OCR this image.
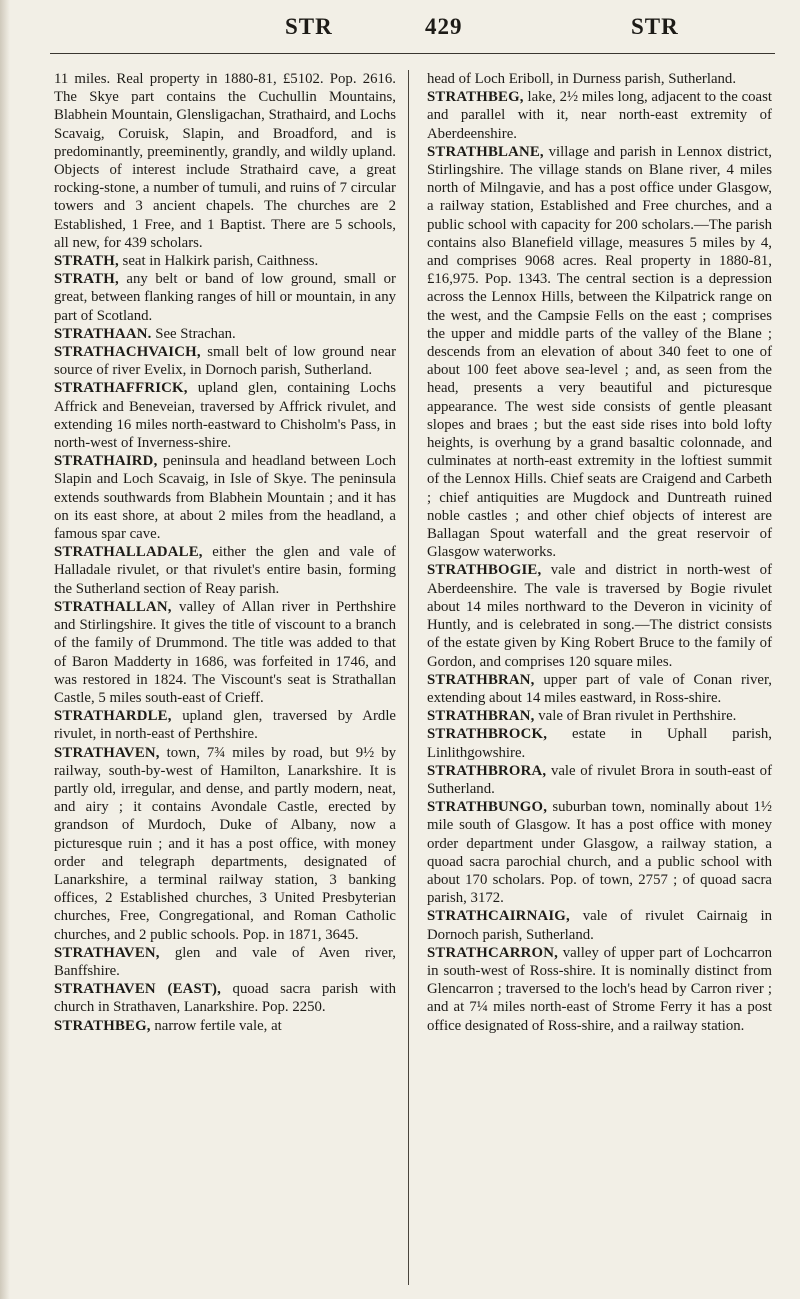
STR	429	STR

11 miles. Real property in 1880-81, £5102. Pop. 2616. The Skye part contains the Cuchullin Mountains, Blabhein Mountain, Glensligachan, Strathaird, and Lochs Scavaig, Coruisk, Slapin, and Broadford, and is predominantly, preeminently, grandly, and wildly upland. Objects of interest include Strathaird cave, a great rocking-stone, a number of tumuli, and ruins of 7 circular towers and 3 ancient chapels. The churches are 2 Established, 1 Free, and 1 Baptist. There are 5 schools, all new, for 439 scholars.

STRATH, seat in Halkirk parish, Caithness.

STRATH, any belt or band of low ground, small or great, between flanking ranges of hill or mountain, in any part of Scotland.

STRATHAAN. See Strachan.

STRATHACHVAICH, small belt of low ground near source of river Evelix, in Dornoch parish, Sutherland.

STRATHAFFRICK, upland glen, containing Lochs Affrick and Beneveian, traversed by Affrick rivulet, and extending 16 miles north-eastward to Chisholm's Pass, in north-west of Inverness-shire.

STRATHAIRD, peninsula and headland between Loch Slapin and Loch Scavaig, in Isle of Skye. The peninsula extends southwards from Blabhein Mountain ; and it has on its east shore, at about 2 miles from the headland, a famous spar cave.

STRATHALLADALE, either the glen and vale of Halladale rivulet, or that rivulet's entire basin, forming the Sutherland section of Reay parish.

STRATHALLAN, valley of Allan river in Perthshire and Stirlingshire. It gives the title of viscount to a branch of the family of Drummond. The title was added to that of Baron Madderty in 1686, was forfeited in 1746, and was restored in 1824. The Viscount's seat is Strathallan Castle, 5 miles south-east of Crieff.

STRATHARDLE, upland glen, traversed by Ardle rivulet, in north-east of Perthshire.

STRATHAVEN, town, 7¾ miles by road, but 9½ by railway, south-by-west of Hamilton, Lanarkshire. It is partly old, irregular, and dense, and partly modern, neat, and airy ; it contains Avondale Castle, erected by grandson of Murdoch, Duke of Albany, now a picturesque ruin ; and it has a post office, with money order and telegraph departments, designated of Lanarkshire, a terminal railway station, 3 banking offices, 2 Established churches, 3 United Presbyterian churches, Free, Congregational, and Roman Catholic churches, and 2 public schools. Pop. in 1871, 3645.

STRATHAVEN, glen and vale of Aven river, Banffshire.

STRATHAVEN (EAST), quoad sacra parish with church in Strathaven, Lanarkshire. Pop. 2250.

STRATHBEG, narrow fertile vale, at

head of Loch Eriboll, in Durness parish, Sutherland.

STRATHBEG, lake, 2½ miles long, adjacent to the coast and parallel with it, near north-east extremity of Aberdeenshire.

STRATHBLANE, village and parish in Lennox district, Stirlingshire. The village stands on Blane river, 4 miles north of Milngavie, and has a post office under Glasgow, a railway station, Established and Free churches, and a public school with capacity for 200 scholars.—The parish contains also Blanefield village, measures 5 miles by 4, and comprises 9068 acres. Real property in 1880-81, £16,975. Pop. 1343. The central section is a depression across the Lennox Hills, between the Kilpatrick range on the west, and the Campsie Fells on the east ; comprises the upper and middle parts of the valley of the Blane ; descends from an elevation of about 340 feet to one of about 100 feet above sea-level ; and, as seen from the head, presents a very beautiful and picturesque appearance. The west side consists of gentle pleasant slopes and braes ; but the east side rises into bold lofty heights, is overhung by a grand basaltic colonnade, and culminates at north-east extremity in the loftiest summit of the Lennox Hills. Chief seats are Craigend and Carbeth ; chief antiquities are Mugdock and Duntreath ruined noble castles ; and other chief objects of interest are Ballagan Spout waterfall and the great reservoir of Glasgow waterworks.

STRATHBOGIE, vale and district in north-west of Aberdeenshire. The vale is traversed by Bogie rivulet about 14 miles northward to the Deveron in vicinity of Huntly, and is celebrated in song.—The district consists of the estate given by King Robert Bruce to the family of Gordon, and comprises 120 square miles.

STRATHBRAN, upper part of vale of Conan river, extending about 14 miles eastward, in Ross-shire.

STRATHBRAN, vale of Bran rivulet in Perthshire.

STRATHBROCK, estate in Uphall parish, Linlithgowshire.

STRATHBRORA, vale of rivulet Brora in south-east of Sutherland.

STRATHBUNGO, suburban town, nominally about 1½ mile south of Glasgow. It has a post office with money order department under Glasgow, a railway station, a quoad sacra parochial church, and a public school with about 170 scholars. Pop. of town, 2757 ; of quoad sacra parish, 3172.

STRATHCAIRNAIG, vale of rivulet Cairnaig in Dornoch parish, Sutherland.

STRATHCARRON, valley of upper part of Lochcarron in south-west of Ross-shire. It is nominally distinct from Glencarron ; traversed to the loch's head by Carron river ; and at 7¼ miles north-east of Strome Ferry it has a post office designated of Ross-shire, and a railway station.
